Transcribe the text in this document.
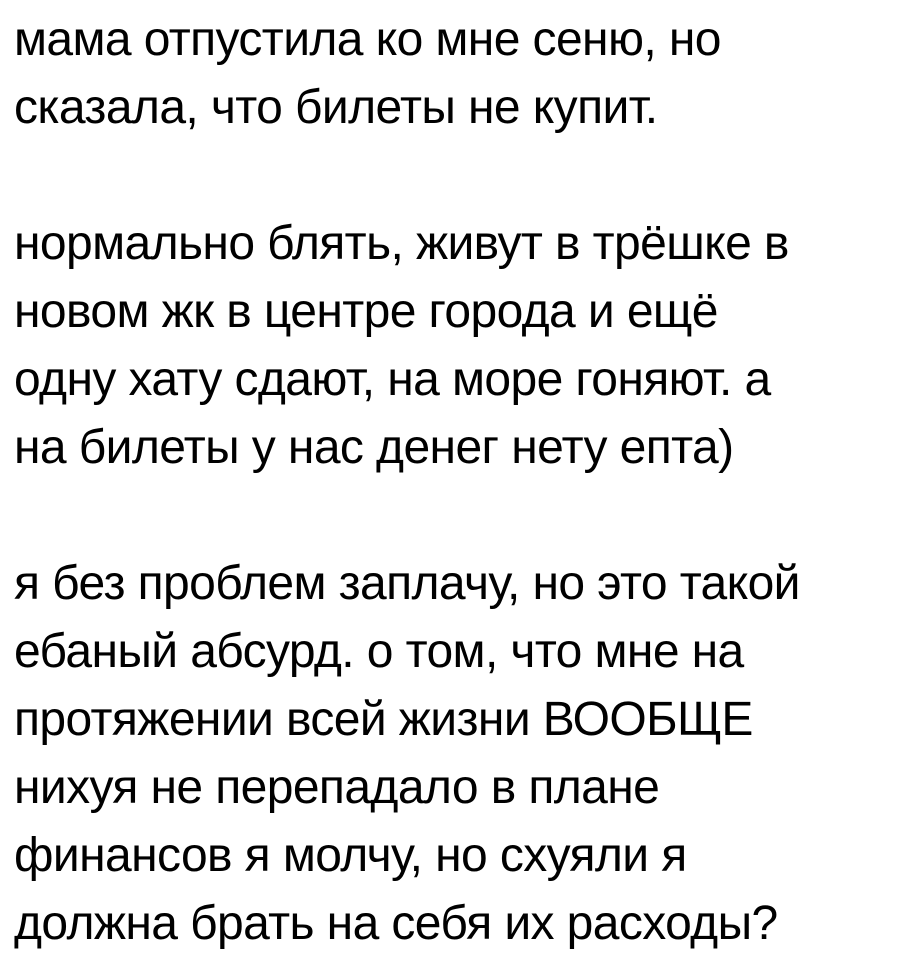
мама отпустила ко мне сеню, но
сказала, что билеты не купит.
нормально блять, живут в трёшке в
новом жк в центре города и ещё
одну хату сдают, на море гоняют. а
на билеты у нас денег нету епта)
я без проблем заплачу, но это такой
ебаный абсурд. о том, что мне на
протяжении всей жизни ВООБЩЕ
нихуя не перепадало в плане
финансов я молчу, но схуяли я
должна брать на себя их расходы?
